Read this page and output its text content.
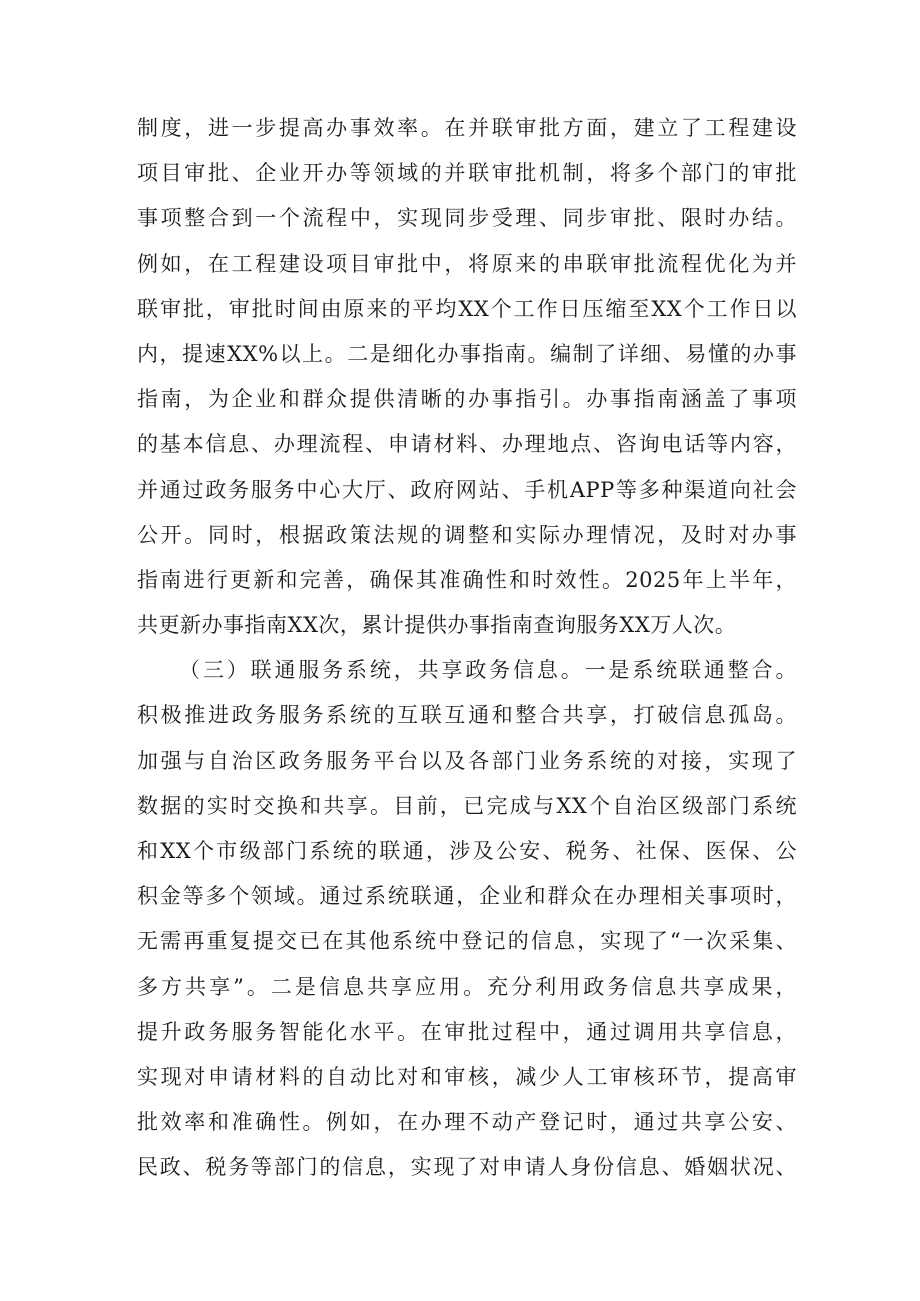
制度，进一步提高办事效率。在并联审批方面，建立了工程建设
项目审批、企业开办等领域的并联审批机制，将多个部门的审批
事项整合到一个流程中，实现同步受理、同步审批、限时办结。
例如，在工程建设项目审批中，将原来的串联审批流程优化为并
联审批，审批时间由原来的平均XX个工作日压缩至XX个工作日以
内，提速XX%以上。二是细化办事指南。编制了详细、易懂的办事
指南，为企业和群众提供清晰的办事指引。办事指南涵盖了事项
的基本信息、办理流程、申请材料、办理地点、咨询电话等内容，
并通过政务服务中心大厅、政府网站、手机APP等多种渠道向社会
公开。同时，根据政策法规的调整和实际办理情况，及时对办事
指南进行更新和完善，确保其准确性和时效性。2025年上半年，
共更新办事指南XX次，累计提供办事指南查询服务XX万人次。
（三）联通服务系统，共享政务信息。一是系统联通整合。
积极推进政务服务系统的互联互通和整合共享，打破信息孤岛。
加强与自治区政务服务平台以及各部门业务系统的对接，实现了
数据的实时交换和共享。目前，已完成与XX个自治区级部门系统
和XX个市级部门系统的联通，涉及公安、税务、社保、医保、公
积金等多个领域。通过系统联通，企业和群众在办理相关事项时，
无需再重复提交已在其他系统中登记的信息，实现了“一次采集、
多方共享”。二是信息共享应用。充分利用政务信息共享成果，
提升政务服务智能化水平。在审批过程中，通过调用共享信息，
实现对申请材料的自动比对和审核，减少人工审核环节，提高审
批效率和准确性。例如，在办理不动产登记时，通过共享公安、
民政、税务等部门的信息，实现了对申请人身份信息、婚姻状况、
